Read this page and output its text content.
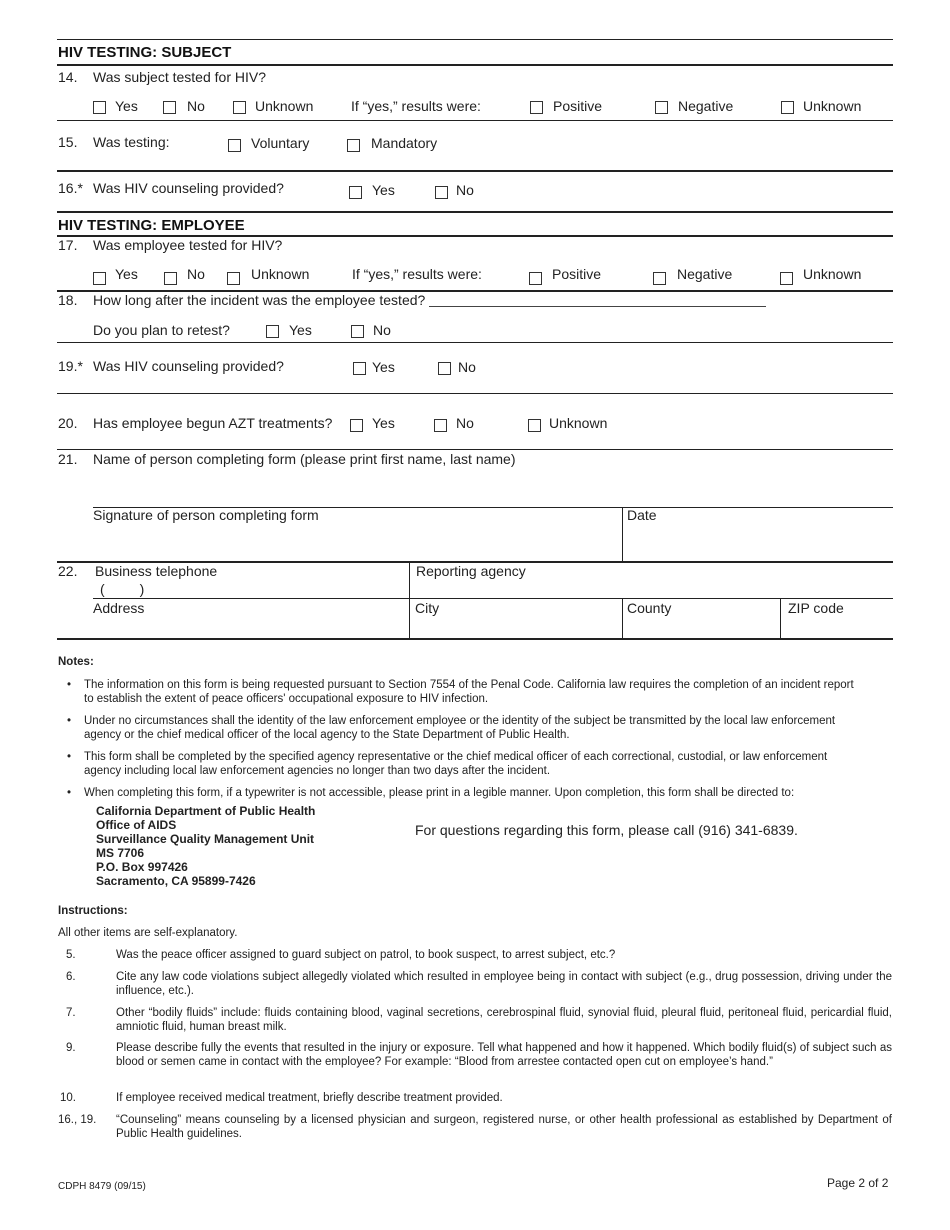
HIV TESTING: SUBJECT
14. Was subject tested for HIV?
Yes	No	Unknown	If “yes,” results were:	Positive	Negative	Unknown
15. Was testing:	Voluntary	Mandatory
16.* Was HIV counseling provided?	Yes	No
HIV TESTING: EMPLOYEE
17. Was employee tested for HIV?
Yes	No	Unknown	If “yes,” results were:	Positive	Negative	Unknown
18. How long after the incident was the employee tested?
Do you plan to retest?	Yes	No
19.* Was HIV counseling provided?	Yes	No
20. Has employee begun AZT treatments?	Yes	No	Unknown
21. Name of person completing form (please print first name, last name)
Signature of person completing form	Date
22. Business telephone
(         )
Reporting agency
Address	City	County	ZIP code
Notes:
• The information on this form is being requested pursuant to Section 7554 of the Penal Code. California law requires the completion of an incident report to establish the extent of peace officers' occupational exposure to HIV infection.
• Under no circumstances shall the identity of the law enforcement employee or the identity of the subject be transmitted by the local law enforcement agency or the chief medical officer of the local agency to the State Department of Public Health.
• This form shall be completed by the specified agency representative or the chief medical officer of each correctional, custodial, or law enforcement agency including local law enforcement agencies no longer than two days after the incident.
• When completing this form, if a typewriter is not accessible, please print in a legible manner. Upon completion, this form shall be directed to:
California Department of Public Health
Office of AIDS
Surveillance Quality Management Unit
MS 7706
P.O. Box 997426
Sacramento, CA 95899-7426
For questions regarding this form, please call (916) 341-6839.
Instructions:
All other items are self-explanatory.
5.	Was the peace officer assigned to guard subject on patrol, to book suspect, to arrest subject, etc.?
6.	Cite any law code violations subject allegedly violated which resulted in employee being in contact with subject (e.g., drug possession, driving under the influence, etc.).
7.	Other “bodily fluids” include: fluids containing blood, vaginal secretions, cerebrospinal fluid, synovial fluid, pleural fluid, peritoneal fluid, pericardial fluid, amniotic fluid, human breast milk.
9.	Please describe fully the events that resulted in the injury or exposure. Tell what happened and how it happened. Which bodily fluid(s) of subject such as blood or semen came in contact with the employee? For example: “Blood from arrestee contacted open cut on employee’s hand.”
10.	If employee received medical treatment, briefly describe treatment provided.
16., 19.	“Counseling” means counseling by a licensed physician and surgeon, registered nurse, or other health professional as established by Department of Public Health guidelines.
CDPH 8479 (09/15)	Page 2 of 2
